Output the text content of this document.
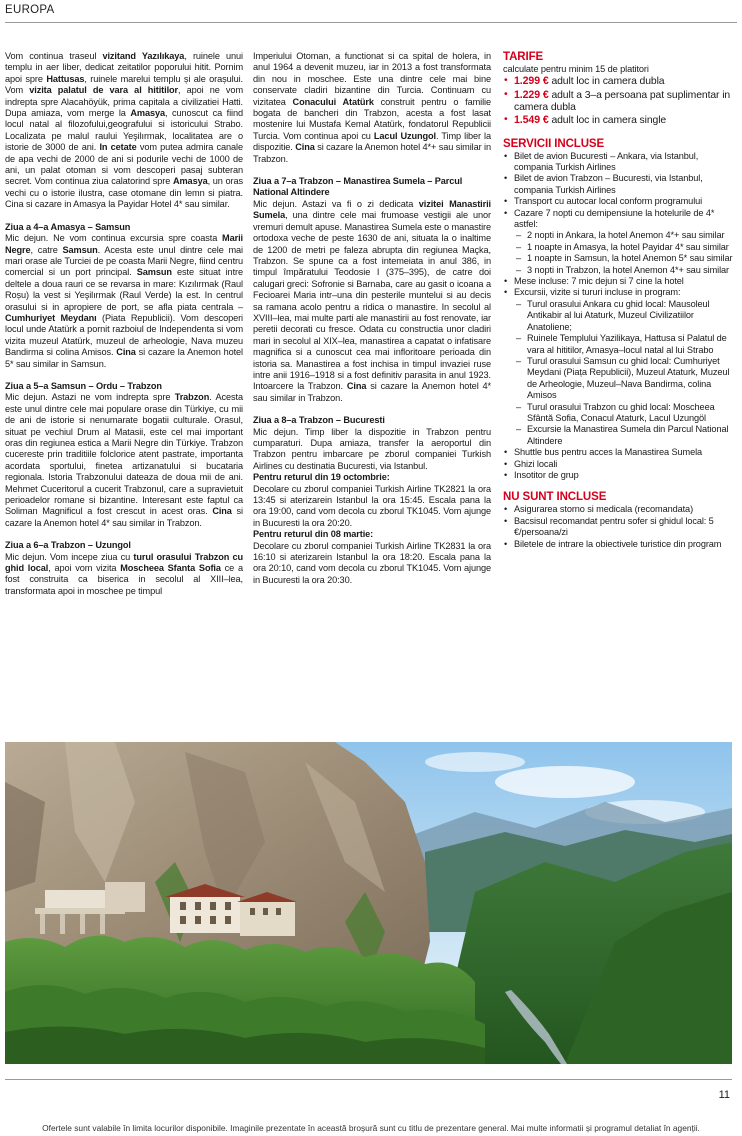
EUROPA

Vom continua traseul vizitand Yazılıkaya, ruinele unui templu in aer liber, dedicat zeitatilor poporului hitit. Pornim apoi spre Hattusas, ruinele marelui templu și ale orașului. Vom vizita palatul de vara al hititilor, apoi ne vom indrepta spre Alacahöyük, prima capitala a civilizatiei Hatti. Dupa amiaza, vom merge la Amasya, cunoscut ca fiind locul natal al filozofului,geografului si istoricului Strabo. Localizata pe malul raului Yeşilırmak, localitatea are o istorie de 3000 de ani. In cetate vom putea admira canale de apa vechi de 2000 de ani si podurile vechi de 1000 de ani, un palat otoman si vom descoperi pasaj subteran secret. Vom continua ziua calatorind spre Amasya, un oras vechi cu o istorie ilustra, case otomane din lemn si piatra. Cina si cazare in Amasya la Payidar Hotel 4* sau similar.

Ziua a 4–a Amasya – Samsun

Mic dejun. Ne vom continua excursia spre coasta Marii Negre, catre Samsun. Acesta este unul dintre cele mai mari orase ale Turciei de pe coasta Marii Negre, fiind centru comercial si un port principal. Samsun este situat intre deltele a doua rauri ce se revarsa in mare: Kızılırmak (Raul Roșu) la vest si Yeşilırmak (Raul Verde) la est. In centrul orasului si in apropiere de port, se afla piata centrala – Cumhuriyet Meydanı (Piata Republicii). Vom descoperi locul unde Atatürk a pornit razboiul de Independenta si vom vizita muzeul Atatürk, muzeul de arheologie, Nava muzeu Bandirma si colina Amisos. Cina si cazare la Anemon hotel 5* sau similar in Samsun.

Ziua a 5–a Samsun – Ordu – Trabzon

Mic dejun. Astazi ne vom indrepta spre Trabzon. Acesta este unul dintre cele mai populare orase din Türkiye, cu mii de ani de istorie si nenumarate bogatii culturale. Orasul, situat pe vechiul Drum al Matasii, este cel mai important oras din regiunea estica a Marii Negre din Türkiye. Trabzon cucereste prin traditiile folclorice atent pastrate, importanta acordata sportului, finetea artizanatului si bucataria regionala. Istoria Trabzonului dateaza de doua mii de ani. Mehmet Cuceritorul a cucerit Trabzonul, care a supravietuit perioadelor romane si bizantine. Interesant este faptul ca Soliman Magnificul a fost crescut in acest oras. Cina si cazare la Anemon hotel 4* sau similar in Trabzon.

Ziua a 6–a Trabzon – Uzungol

Mic dejun. Vom incepe ziua cu turul orasului Trabzon cu ghid local, apoi vom vizita Moscheea Sfanta Sofia ce a fost construita ca biserica in secolul al XIII–lea, transformata apoi in moschee pe timpul

Imperiului Otoman, a functionat si ca spital de holera, in anul 1964 a devenit muzeu, iar in 2013 a fost transformata din nou in moschee. Este una dintre cele mai bine conservate cladiri bizantine din Turcia. Continuam cu vizitatea Conacului Atatürk construit pentru o familie bogata de bancheri din Trabzon, acesta a fost lasat mostenire lui Mustafa Kemal Atatürk, fondatorul Republicii Turcia. Vom continua apoi cu Lacul Uzungol. Timp liber la dispozitie. Cina si cazare la Anemon hotel 4*+ sau similar in Trabzon.

Ziua a 7–a Trabzon – Manastirea Sumela – Parcul National Altindere

Mic dejun. Astazi va fi o zi dedicata vizitei Manastirii Sumela, una dintre cele mai frumoase vestigii ale unor vremuri demult apuse. Manastirea Sumela este o manastire ortodoxa veche de peste 1630 de ani, situata la o inaltime de 1200 de metri pe faleza abrupta din regiunea Maçka, Trabzon. Se spune ca a fost intemeiata in anul 386, in timpul împăratului Teodosie I (375–395), de catre doi calugari greci: Sofronie si Barnaba, care au gasit o icoana a Fecioarei Maria intr–una din pesterile muntelui si au decis sa ramana acolo pentru a ridica o manastire. In secolul al XVIII–lea, mai multe parti ale manastirii au fost renovate, iar peretii decorati cu fresce. Odata cu constructia unor cladiri mari in secolul al XIX–lea, manastirea a capatat o infatisare magnifica si a cunoscut cea mai infloritoare perioada din istoria sa. Manastirea a fost inchisa in timpul invaziei ruse intre anii 1916–1918 si a fost definitiv parasita in anul 1923. Intoarcere la Trabzon. Cina si cazare la Anemon hotel 4* sau similar in Trabzon.

Ziua a 8–a Trabzon – Bucuresti

Mic dejun. Timp liber la dispozitie in Trabzon pentru cumparaturi. Dupa amiaza, transfer la aeroportul din Trabzon pentru imbarcare pe zborul companiei Turkish Airlines cu destinatia Bucuresti, via Istanbul.

Pentru returul din 19 octombrie:

Decolare cu zborul companiei Turkish Airline TK2821 la ora 13:45 si aterizarein Istanbul la ora 15:45. Escala pana la ora 19:00, cand vom decola cu zborul TK1045. Vom ajunge in Bucuresti la ora 20:20.

Pentru returul din 08 martie:

Decolare cu zborul companiei Turkish Airline TK2831 la ora 16:10 si aterizarein Istanbul la ora 18:20. Escala pana la ora 20:10, cand vom decola cu zborul TK1045. Vom ajunge in Bucuresti la ora 20:30.

TARIFE
calculate pentru minim 15 de platitori
• 1.299 € adult loc in camera dubla
• 1.229 € adult a 3–a persoana pat suplimentar in camera dubla
• 1.549 € adult loc in camera single
SERVICII INCLUSE
• Bilet de avion Bucuresti – Ankara, via Istanbul, compania Turkish Airlines
• Bilet de avion Trabzon – Bucuresti, via Istanbul, compania Turkish Airlines
• Transport cu autocar local conform programului
• Cazare 7 nopti cu demipensiune la hotelurile de 4* astfel:
– 2 nopti in Ankara, la hotel Anemon 4*+ sau similar
– 1 noapte in Amasya, la hotel Payidar 4* sau similar
– 1 noapte in Samsun, la hotel Anemon 5* sau similar
– 3 nopti in Trabzon, la hotel Anemon 4*+ sau similar
• Mese incluse: 7 mic dejun si 7 cine la hotel
• Excursii, vizite si tururi incluse in program:
– Turul orasului Ankara cu ghid local: Mausoleul Antikabir al lui Ataturk, Muzeul Civilizatiilor Anatoliene;
– Ruinele Templului Yazilikaya, Hattusa si Palatul de vara al hititilor, Amasya–locul natal al lui Strabo
– Turul orasului Samsun cu ghid local: Cumhuriyet Meydani (Piața Republicii), Muzeul Ataturk, Muzeul de Arheologie, Muzeul–Nava Bandirma, colina Amisos
– Turul orasului Trabzon cu ghid local: Moscheea Sfântă Sofia, Conacul Ataturk, Lacul Uzungöl
– Excursie la Manastirea Sumela din Parcul National Altindere
• Shuttle bus pentru acces la Manastirea Sumela
• Ghizi locali
• Insotitor de grup
NU SUNT INCLUSE
• Asigurarea storno si medicala (recomandata)
• Bacsisul recomandat pentru sofer si ghidul local: 5 €/persoana/zi
• Biletele de intrare la obiectivele turistice din program
11
Ofertele sunt valabile în limita locurilor disponibile. Imaginile prezentate în această broșură sunt cu titlu de prezentare general. Mai multe informatii și programul detaliat în agenții.
